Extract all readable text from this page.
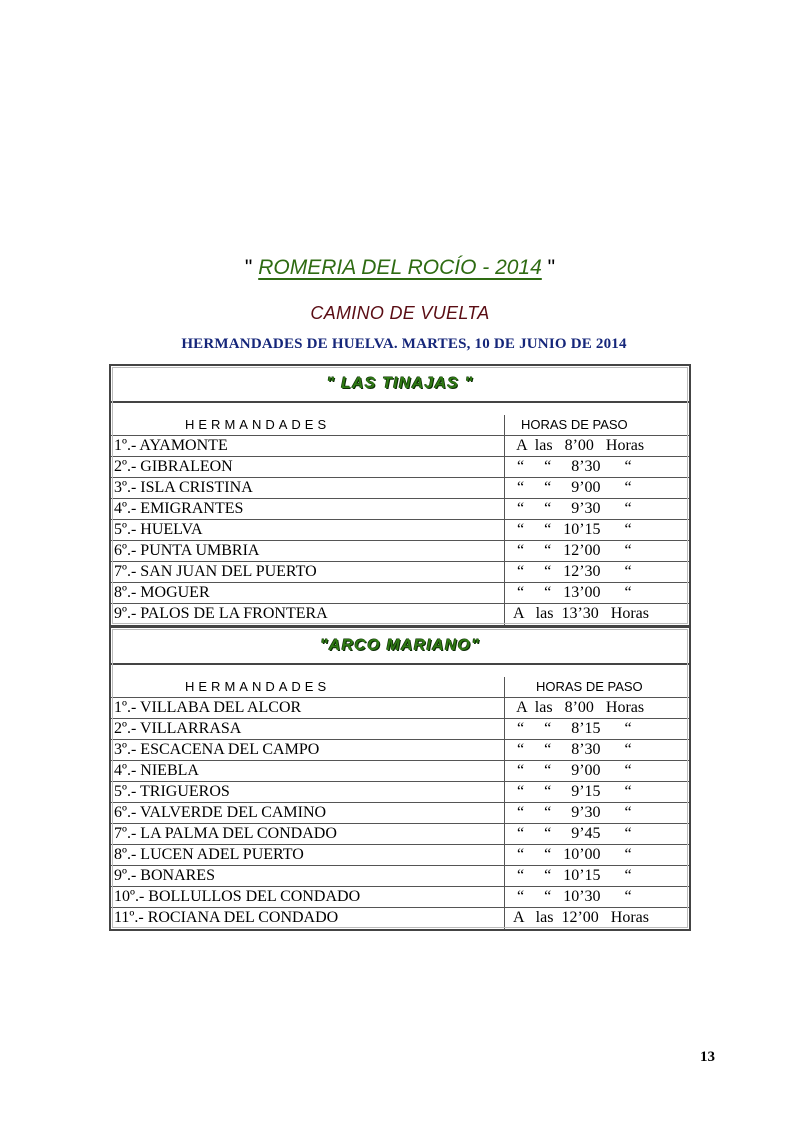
" ROMERIA DEL ROCÍO - 2014 "
CAMINO DE VUELTA
HERMANDADES DE HUELVA. MARTES, 10 DE JUNIO DE 2014
" LAS TINAJAS "
HERMANDADES	HORAS DE PASO
1º.- AYAMONTE	A  las   8’00   Horas
2º.- GIBRALEON	“     “     8’30      “
3º.- ISLA CRISTINA	“     “     9’00      “
4º.- EMIGRANTES	“     “     9’30      “
5º.- HUELVA	“     “   10’15      “
6º.- PUNTA UMBRIA	“     “   12’00      “
7º.- SAN JUAN DEL PUERTO	“     “   12’30      “
8º.- MOGUER	“     “   13’00      “
9º.- PALOS DE LA FRONTERA	A   las  13’30   Horas
"ARCO MARIANO"
HERMANDADES	HORAS DE PASO
1º.- VILLABA DEL ALCOR	A  las   8’00   Horas
2º.- VILLARRASA	“     “     8’15      “
3º.- ESCACENA DEL CAMPO	“     “     8’30      “
4º.- NIEBLA	“     “     9’00      “
5º.- TRIGUEROS	“     “     9’15      “
6º.- VALVERDE DEL CAMINO	“     “     9’30      “
7º.- LA PALMA DEL CONDADO	“     “     9’45      “
8º.- LUCEN ADEL PUERTO	“     “   10’00      “
9º.- BONARES	“     “   10’15      “
10º.- BOLLULLOS DEL CONDADO	“     “   10’30      “
11º.- ROCIANA DEL CONDADO	A   las  12’00   Horas
13
